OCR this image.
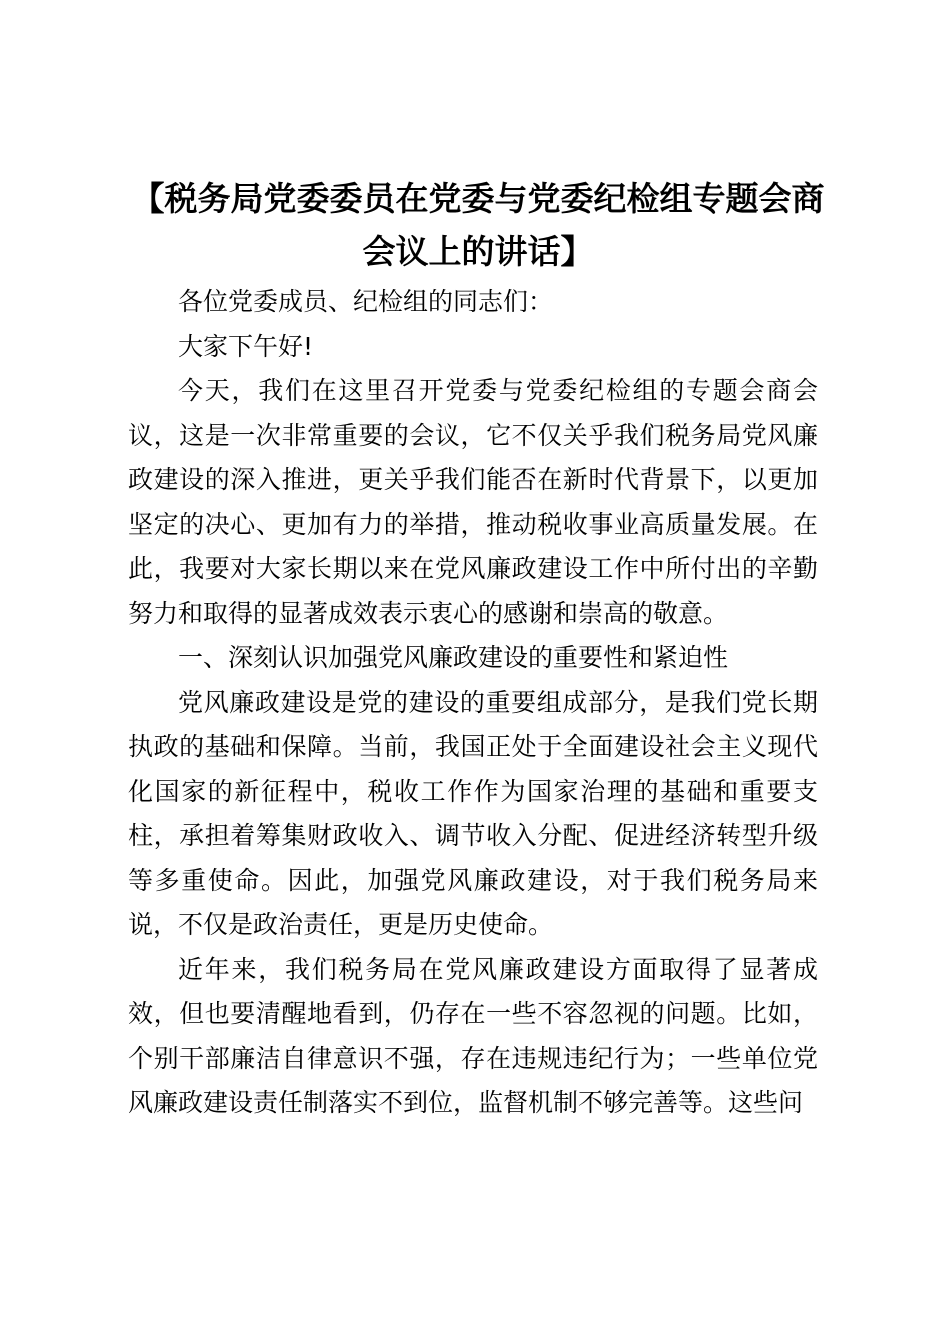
【税务局党委委员在党委与党委纪检组专题会商会议上的讲话】

各位党委成员、纪检组的同志们：

大家下午好!

今天，我们在这里召开党委与党委纪检组的专题会商会议，这是一次非常重要的会议，它不仅关乎我们税务局党风廉政建设的深入推进，更关乎我们能否在新时代背景下，以更加坚定的决心、更加有力的举措，推动税收事业高质量发展。在此，我要对大家长期以来在党风廉政建设工作中所付出的辛勤努力和取得的显著成效表示衷心的感谢和崇高的敬意。

一、深刻认识加强党风廉政建设的重要性和紧迫性

党风廉政建设是党的建设的重要组成部分，是我们党长期执政的基础和保障。当前，我国正处于全面建设社会主义现代化国家的新征程中，税收工作作为国家治理的基础和重要支柱，承担着筹集财政收入、调节收入分配、促进经济转型升级等多重使命。因此，加强党风廉政建设，对于我们税务局来说，不仅是政治责任，更是历史使命。

近年来，我们税务局在党风廉政建设方面取得了显著成效，但也要清醒地看到，仍存在一些不容忽视的问题。比如，个别干部廉洁自律意识不强，存在违规违纪行为；一些单位党风廉政建设责任制落实不到位，监督机制不够完善等。这些问
